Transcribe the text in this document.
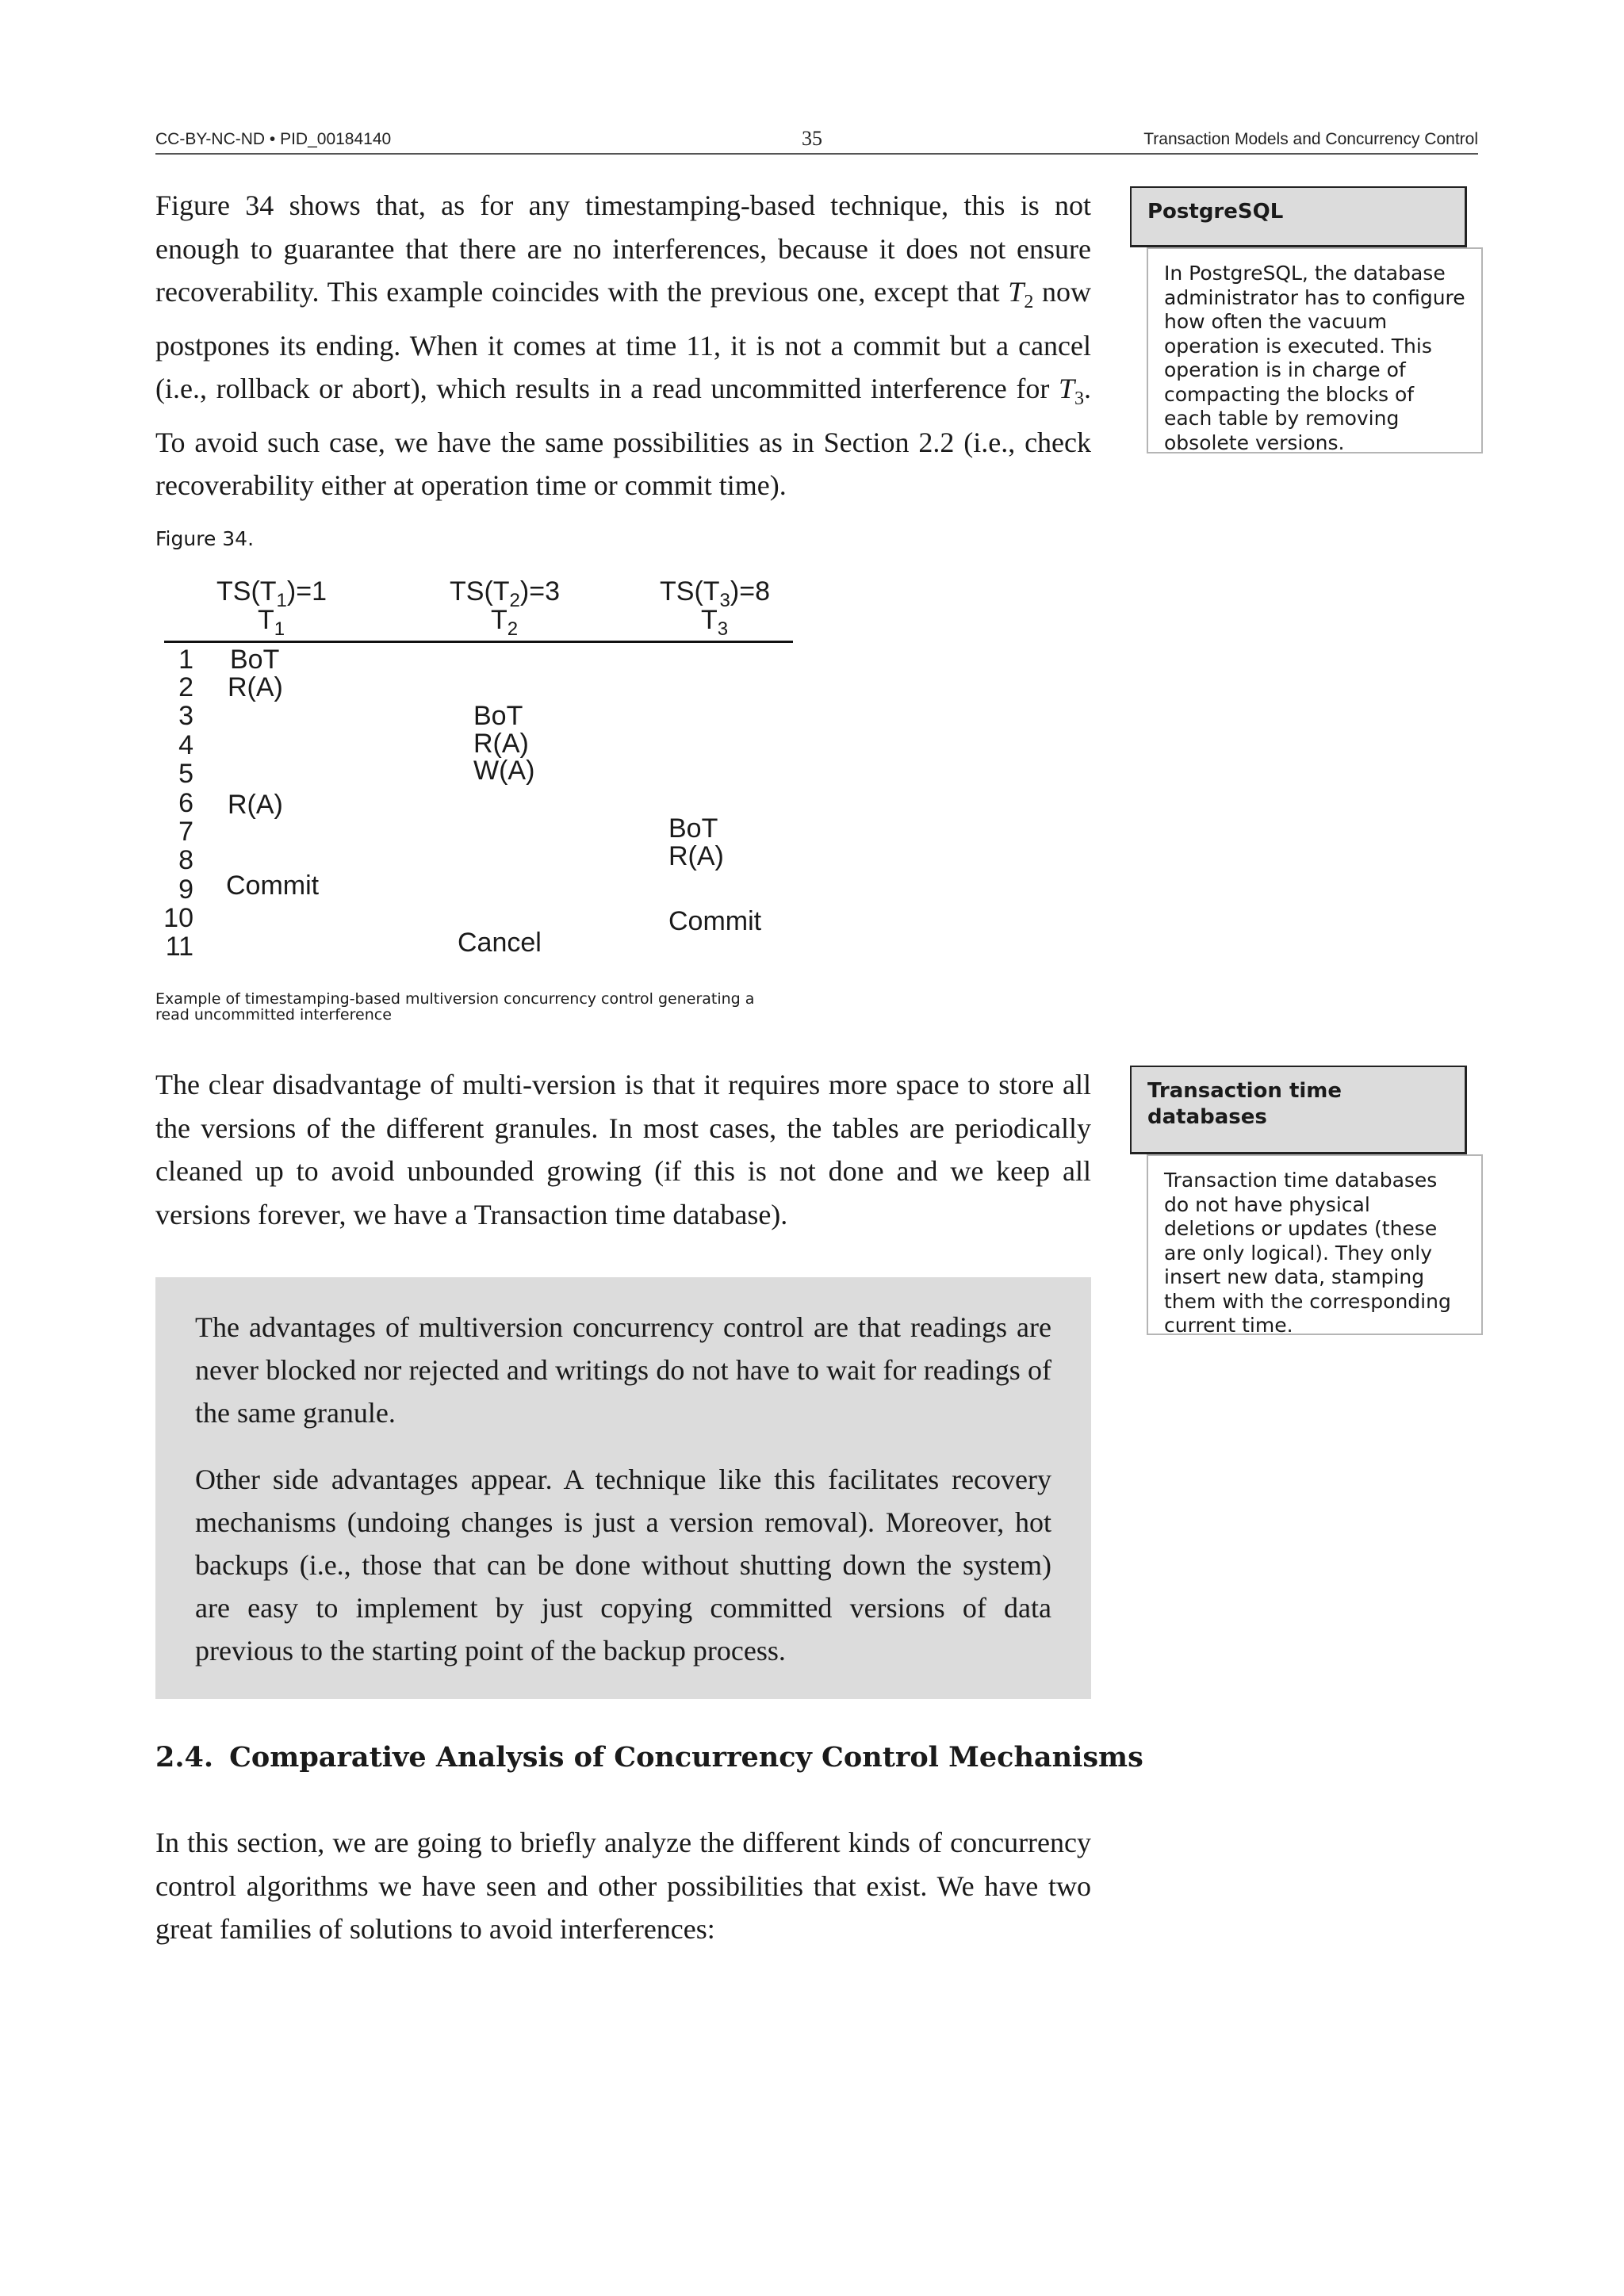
CC-BY-NC-ND • PID_00184140	35	Transaction Models and Concurrency Control

Figure 34 shows that, as for any timestamping-based technique, this is not enough to guarantee that there are no interferences, because it does not ensure recoverability. This example coincides with the previous one, except that $T_2$ now postpones its ending. When it comes at time 11, it is not a commit but a cancel (i.e., rollback or abort), which results in a read uncommitted interference for $T_3$. To avoid such case, we have the same possibilities as in Section 2.2 (i.e., check recoverability either at operation time or commit time).

PostgreSQL
In PostgreSQL, the database administrator has to configure how often the vacuum operation is executed. This operation is in charge of compacting the blocks of each table by removing obsolete versions.
Figure 34.
$TS(T_1)=1$
$T_1$
$TS(T_2)=3$
$T_2$
$TS(T_3)=8$
$T_3$
1
2
3
4
5
6
7
8
9
10
11
BoT
R(A)
R(A)
Commit
BoT
R(A)
W(A)
Cancel
BoT
R(A)
Commit
Example of timestamping-based multiversion concurrency control generating a read uncommitted interference

The clear disadvantage of multi-version is that it requires more space to store all the versions of the different granules. In most cases, the tables are periodically cleaned up to avoid unbounded growing (if this is not done and we keep all versions forever, we have a Transaction time database).

Transaction time databases
Transaction time databases do not have physical deletions or updates (these are only logical). They only insert new data, stamping them with the corresponding current time.

The advantages of multiversion concurrency control are that readings are never blocked nor rejected and writings do not have to wait for readings of the same granule.

Other side advantages appear. A technique like this facilitates recovery mechanisms (undoing changes is just a version removal). Moreover, hot backups (i.e., those that can be done without shutting down the system) are easy to implement by just copying committed versions of data previous to the starting point of the backup process.

2.4. Comparative Analysis of Concurrency Control Mechanisms

In this section, we are going to briefly analyze the different kinds of concurrency control algorithms we have seen and other possibilities that exist. We have two great families of solutions to avoid interferences:
